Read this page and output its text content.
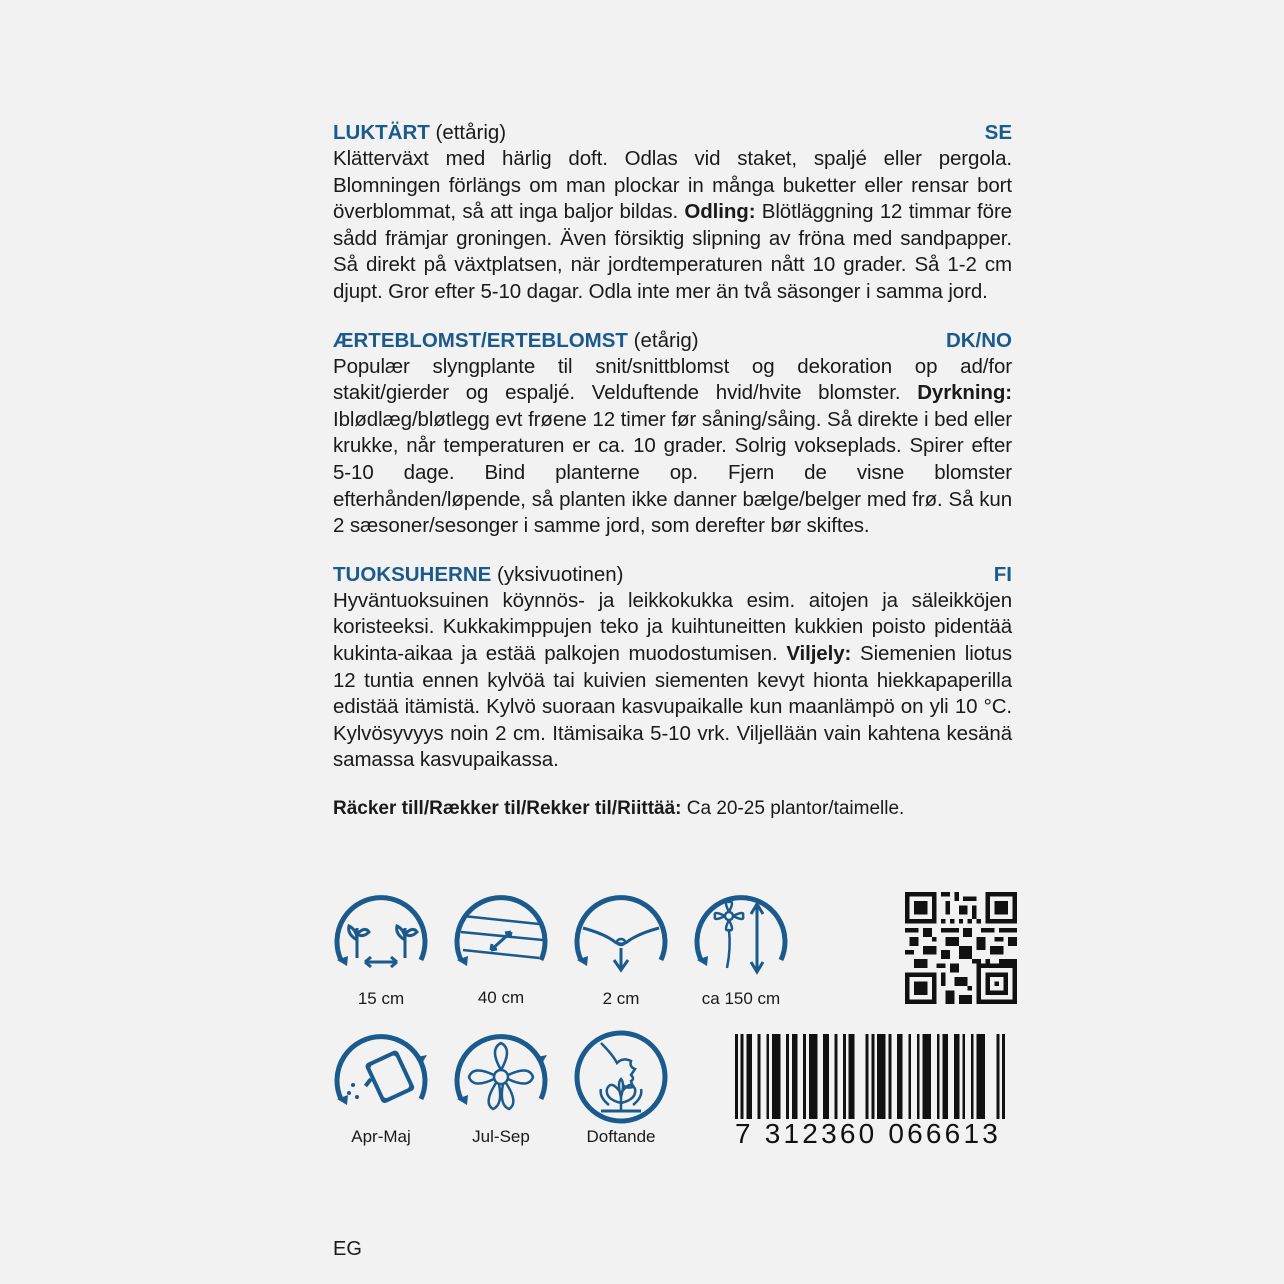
LUKTÄRT (ettårig)	SE
Klätterväxt med härlig doft. Odlas vid staket, spaljé eller pergola. Blomningen förlängs om man plockar in många buketter eller rensar bort överblommat, så att inga baljor bildas. Odling: Blötläggning 12 timmar före sådd främjar groningen. Även försiktig slipning av fröna med sandpapper. Så direkt på växtplatsen, när jordtemperaturen nått 10 grader. Så 1-2 cm djupt. Gror efter 5-10 dagar. Odla inte mer än två säsonger i samma jord.
ÆRTEBLOMST/ERTEBLOMST (etårig)	DK/NO
Populær slyngplante til snit/snittblomst og dekoration op ad/for stakit/gierder og espaljé. Velduftende hvid/hvite blomster. Dyrkning: Iblødlæg/bløtlegg evt frøene 12 timer før såning/såing. Så direkte i bed eller krukke, når temperaturen er ca. 10 grader. Solrig vokseplads. Spirer efter 5-10 dage. Bind planterne op. Fjern de visne blomster efterhånden/løpende, så planten ikke danner bælge/belger med frø. Så kun 2 sæsoner/sesonger i samme jord, som derefter bør skiftes.
TUOKSUHERNE (yksivuotinen)	FI
Hyväntuoksuinen köynnös- ja leikkokukka esim. aitojen ja säleikköjen koristeeksi. Kukkakimppujen teko ja kuihtuneitten kukkien poisto pidentää kukinta-aikaa ja estää palkojen muodostumisen. Viljely: Siemenien liotus 12 tuntia ennen kylvöä tai kuivien siementen kevyt hionta hiekkapaperilla edistää itämistä. Kylvö suoraan kasvupaikalle kun maanlämpö on yli 10 °C. Kylvösyvyys noin 2 cm. Itämisaika 5-10 vrk. Viljellään vain kahtena kesänä samassa kasvupaikassa.
Räcker till/Rækker til/Rekker til/Riittää: Ca 20-25 plantor/taimelle.
15 cm	40 cm	2 cm	ca 150 cm
Apr-Maj	Jul-Sep	Doftande	7 312360 066613
EG
